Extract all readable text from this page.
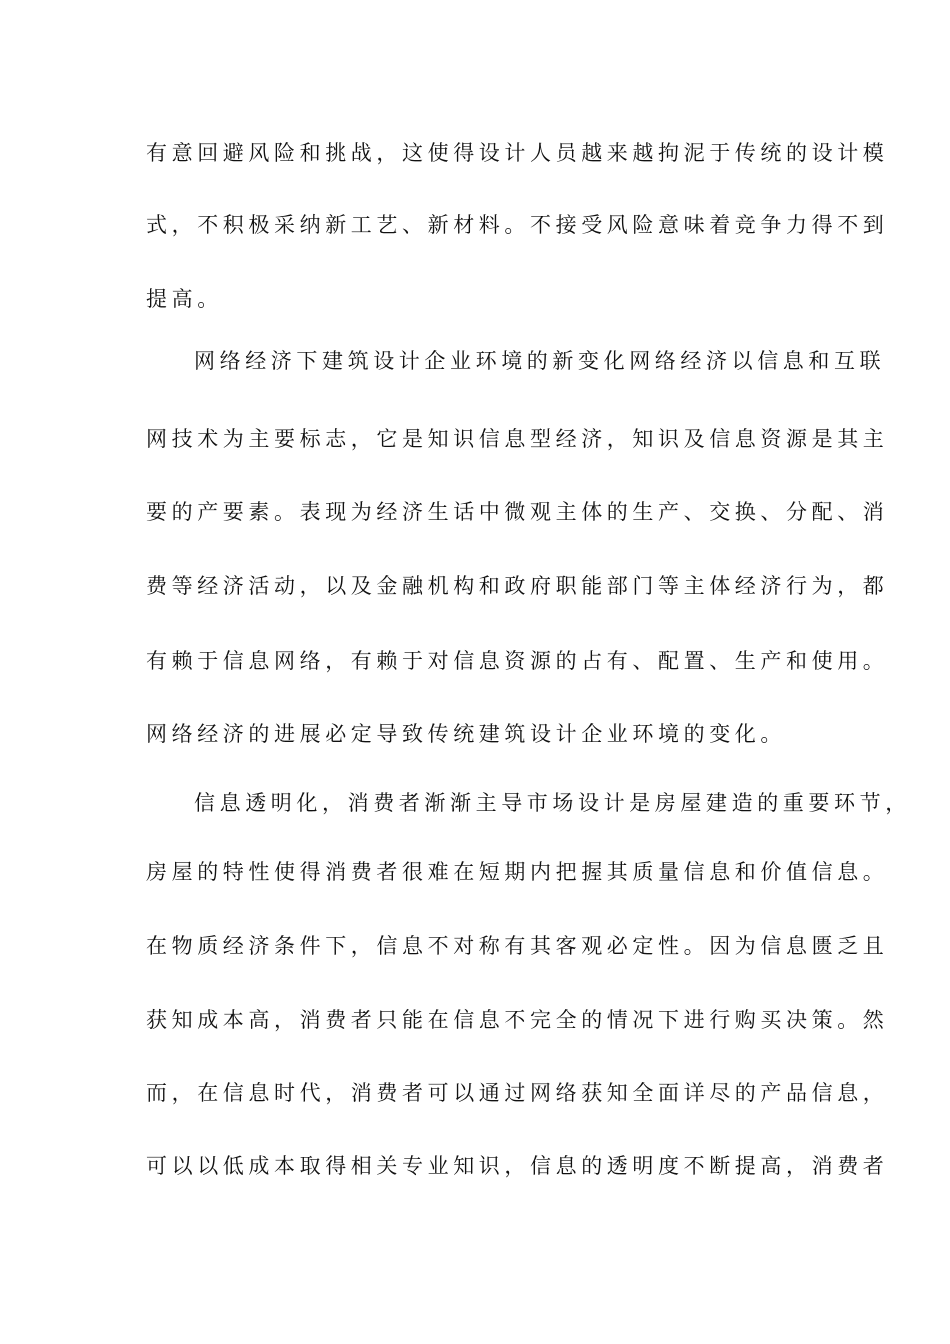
有意回避风险和挑战，这使得设计人员越来越拘泥于传统的设计模
式，不积极采纳新工艺、新材料。不接受风险意味着竞争力得不到
提高。
网络经济下建筑设计企业环境的新变化网络经济以信息和互联
网技术为主要标志，它是知识信息型经济，知识及信息资源是其主
要的产要素。表现为经济生话中微观主体的生产、交换、分配、消
费等经济活动，以及金融机构和政府职能部门等主体经济行为，都
有赖于信息网络，有赖于对信息资源的占有、配置、生产和使用。
网络经济的进展必定导致传统建筑设计企业环境的变化。
信息透明化，消费者渐渐主导市场设计是房屋建造的重要环节，
房屋的特性使得消费者很难在短期内把握其质量信息和价值信息。
在物质经济条件下，信息不对称有其客观必定性。因为信息匮乏且
获知成本高，消费者只能在信息不完全的情况下进行购买决策。然
而，在信息时代，消费者可以通过网络获知全面详尽的产品信息，
可以以低成本取得相关专业知识，信息的透明度不断提高，消费者
